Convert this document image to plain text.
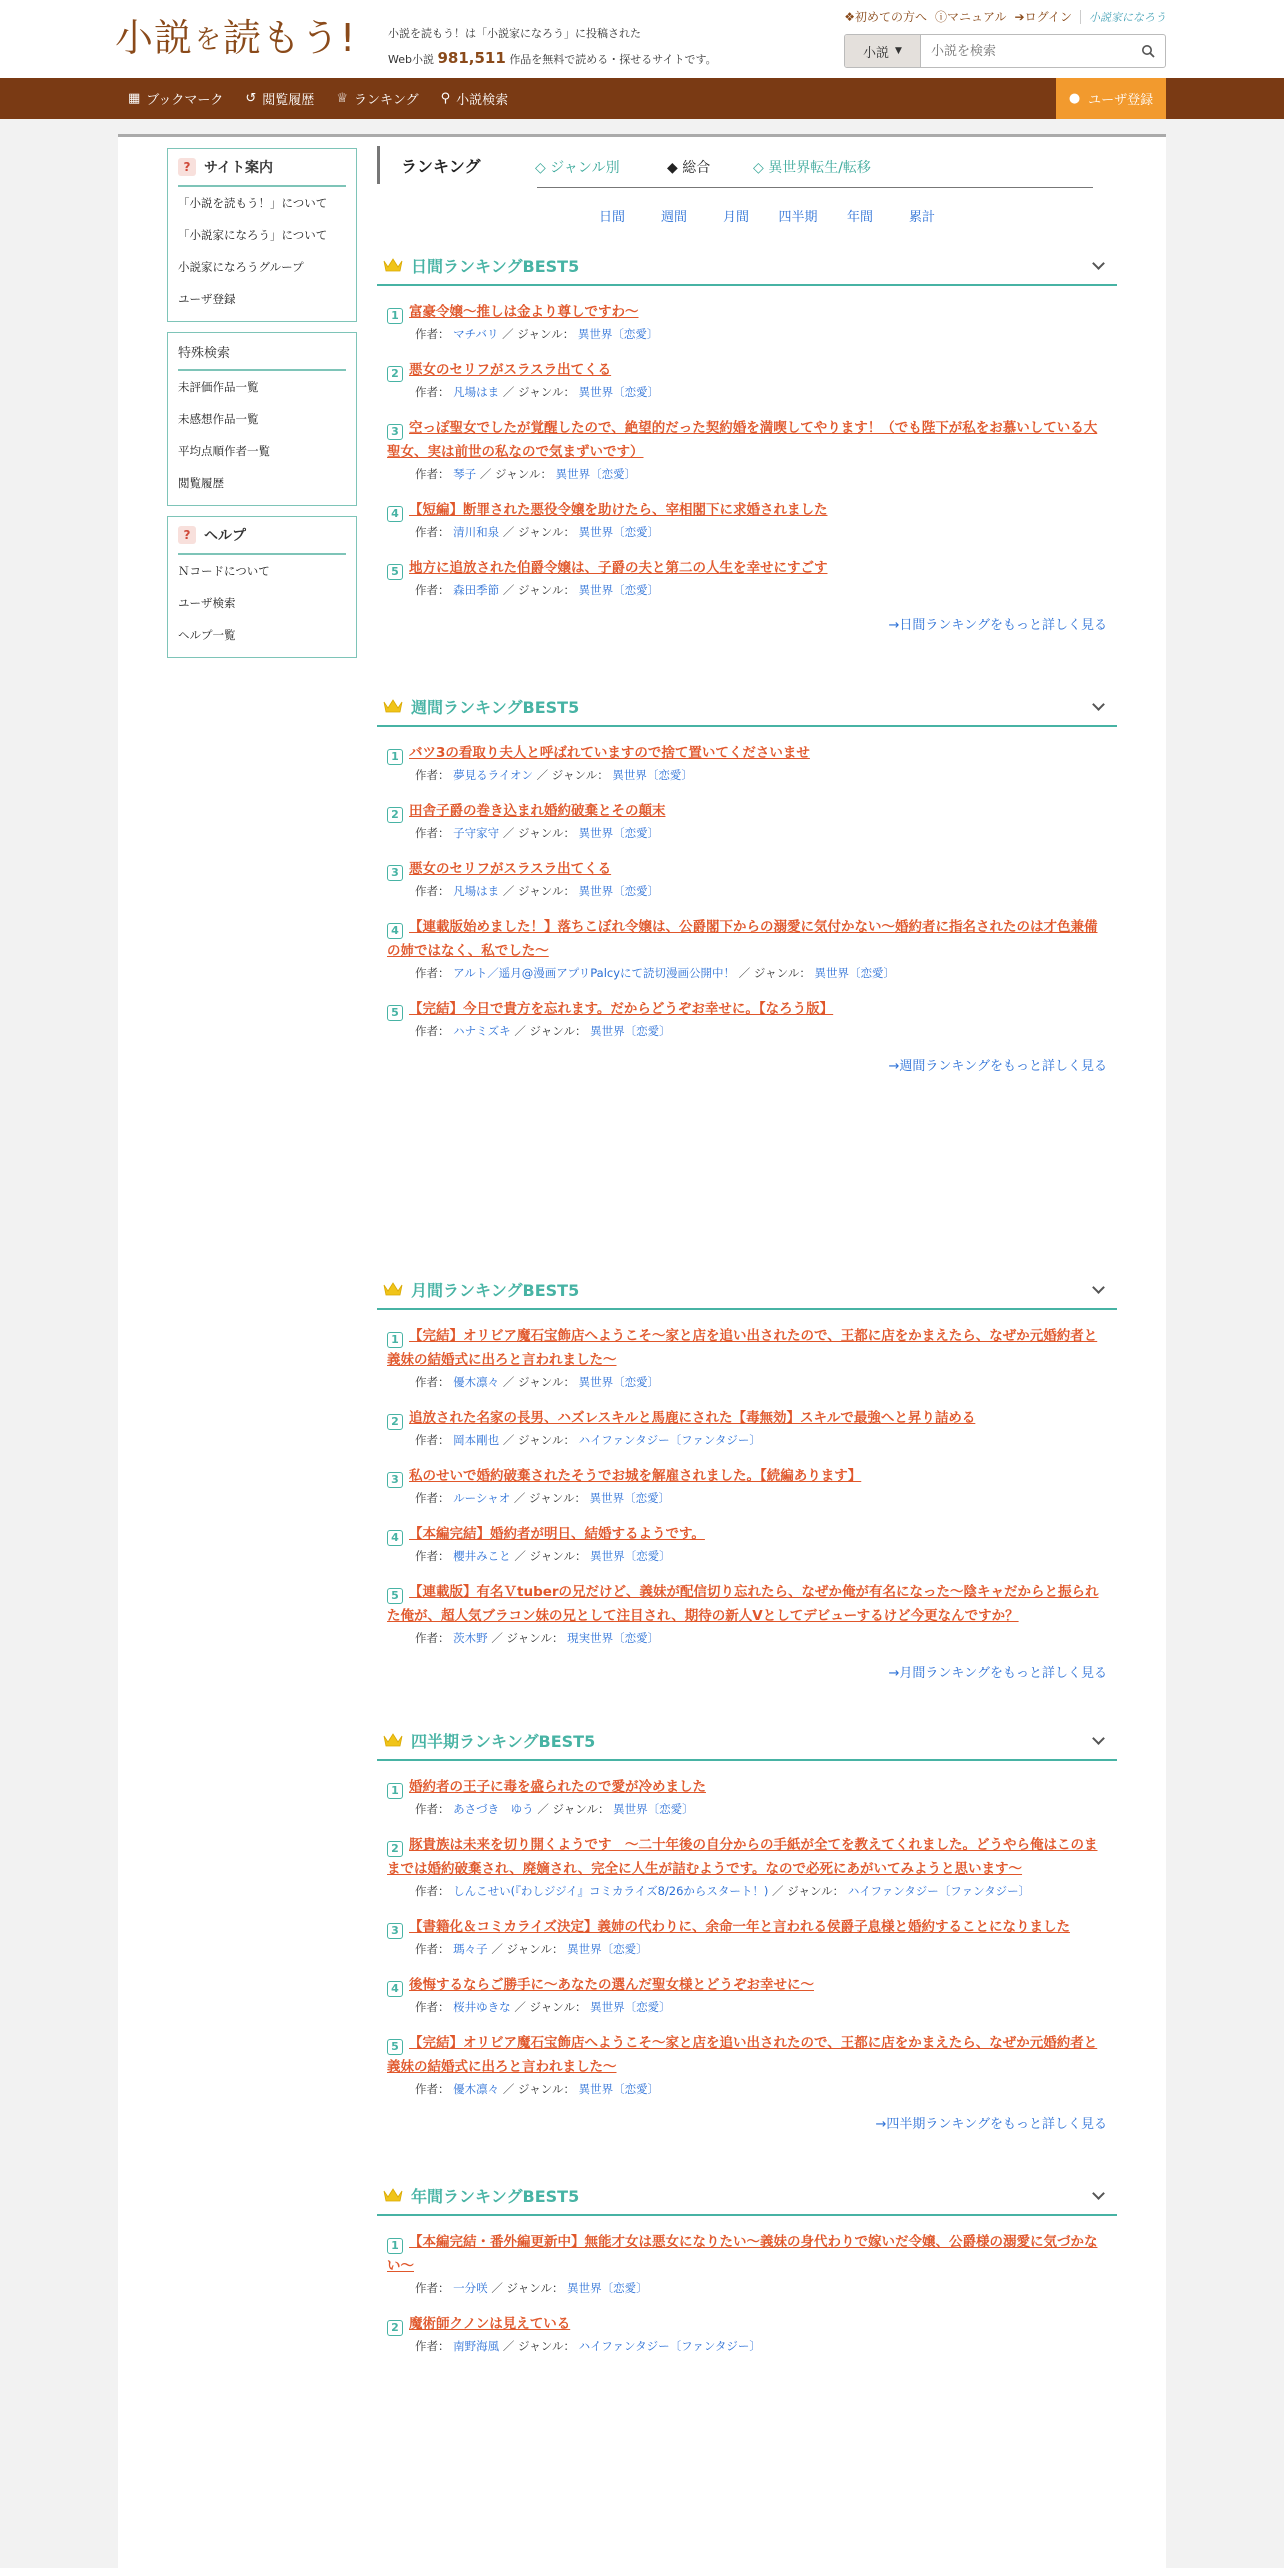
小説 を 読もう!	小説を読もう！は「小説家になろう」に投稿された
Web小説 981,511 作品を無料で読める・探せるサイトです。
❖初めての方へ ⓘマニュアル ➔ログイン 小説家になろう
小説 ▼
小説を検索
▦ ブックマーク ↺ 閲覧履歴 ♕ ランキング ⚲ 小説検索	● ユーザ登録
? サイト案内
「小説を読もう！」について
「小説家になろう」について
小説家になろうグループ
ユーザ登録
特殊検索
未評価作品一覧
未感想作品一覧
平均点順作者一覧
閲覧履歴
? ヘルプ
Ｎコードについて
ユーザ検索
ヘルプ一覧
ランキング	◇ ジャンル別	◆ 総合	◇ 異世界転生/転移
日間	週間	月間	四半期	年間	累計
日間ランキングBEST5
1 富豪令嬢～推しは金より尊しですわ～
作者： マチバリ ／ ジャンル： 異世界〔恋愛〕
2 悪女のセリフがスラスラ出てくる
作者： 凡場はま ／ ジャンル： 異世界〔恋愛〕
3 空っぽ聖女でしたが覚醒したので、絶望的だった契約婚を満喫してやります！（でも陛下が私をお慕いしている大聖女、実は前世の私なので気まずいです）
作者： 琴子 ／ ジャンル： 異世界〔恋愛〕
4 【短編】断罪された悪役令嬢を助けたら、宰相閣下に求婚されました
作者： 清川和泉 ／ ジャンル： 異世界〔恋愛〕
5 地方に追放された伯爵令嬢は、子爵の夫と第二の人生を幸せにすごす
作者： 森田季節 ／ ジャンル： 異世界〔恋愛〕
→日間ランキングをもっと詳しく見る
週間ランキングBEST5
1 バツ3の看取り夫人と呼ばれていますので捨て置いてくださいませ
作者： 夢見るライオン ／ ジャンル： 異世界〔恋愛〕
2 田舎子爵の巻き込まれ婚約破棄とその顛末
作者： 子守家守 ／ ジャンル： 異世界〔恋愛〕
3 悪女のセリフがスラスラ出てくる
作者： 凡場はま ／ ジャンル： 異世界〔恋愛〕
4 【連載版始めました！】落ちこぼれ令嬢は、公爵閣下からの溺愛に気付かない〜婚約者に指名されたのは才色兼備の姉ではなく、私でした〜
作者： アルト／遥月@漫画アプリPalcyにて読切漫画公開中！ ／ ジャンル： 異世界〔恋愛〕
5 【完結】今日で貴方を忘れます。だからどうぞお幸せに。【なろう版】
作者： ハナミズキ ／ ジャンル： 異世界〔恋愛〕
→週間ランキングをもっと詳しく見る
月間ランキングBEST5
1 【完結】オリビア魔石宝飾店へようこそ～家と店を追い出されたので、王都に店をかまえたら、なぜか元婚約者と義妹の結婚式に出ろと言われました～
作者： 優木凛々 ／ ジャンル： 異世界〔恋愛〕
2 追放された名家の長男、ハズレスキルと馬鹿にされた【毒無効】スキルで最強へと昇り詰める
作者： 岡本剛也 ／ ジャンル： ハイファンタジー〔ファンタジー〕
3 私のせいで婚約破棄されたそうでお城を解雇されました。【続編あります】
作者： ルーシャオ ／ ジャンル： 異世界〔恋愛〕
4 【本編完結】婚約者が明日、結婚するようです。
作者： 櫻井みこと ／ ジャンル： 異世界〔恋愛〕
5 【連載版】有名Ｖtuberの兄だけど、義妹が配信切り忘れたら、なぜか俺が有名になった～陰キャだからと振られた俺が、超人気ブラコン妹の兄として注目され、期待の新人Vとしてデビューするけど今更なんですか？
作者： 茨木野 ／ ジャンル： 現実世界〔恋愛〕
→月間ランキングをもっと詳しく見る
四半期ランキングBEST5
1 婚約者の王子に毒を盛られたので愛が冷めました
作者： あさづき　ゆう ／ ジャンル： 異世界〔恋愛〕
2 豚貴族は未来を切り開くようです　～二十年後の自分からの手紙が全てを教えてくれました。どうやら俺はこのままでは婚約破棄され、廃嫡され、完全に人生が詰むようです。なので必死にあがいてみようと思います～
作者： しんこせい(『わしジジイ』コミカライズ8/26からスタート！) ／ ジャンル： ハイファンタジー〔ファンタジー〕
3 【書籍化＆コミカライズ決定】義姉の代わりに、余命一年と言われる侯爵子息様と婚約することになりました
作者： 瑪々子 ／ ジャンル： 異世界〔恋愛〕
4 後悔するならご勝手に～あなたの選んだ聖女様とどうぞお幸せに～
作者： 桜井ゆきな ／ ジャンル： 異世界〔恋愛〕
5 【完結】オリビア魔石宝飾店へようこそ～家と店を追い出されたので、王都に店をかまえたら、なぜか元婚約者と義妹の結婚式に出ろと言われました～
作者： 優木凛々 ／ ジャンル： 異世界〔恋愛〕
→四半期ランキングをもっと詳しく見る
年間ランキングBEST5
1 【本編完結・番外編更新中】無能才女は悪女になりたい～義妹の身代わりで嫁いだ令嬢、公爵様の溺愛に気づかない～
作者： 一分咲 ／ ジャンル： 異世界〔恋愛〕
2 魔術師クノンは見えている
作者： 南野海風 ／ ジャンル： ハイファンタジー〔ファンタジー〕
